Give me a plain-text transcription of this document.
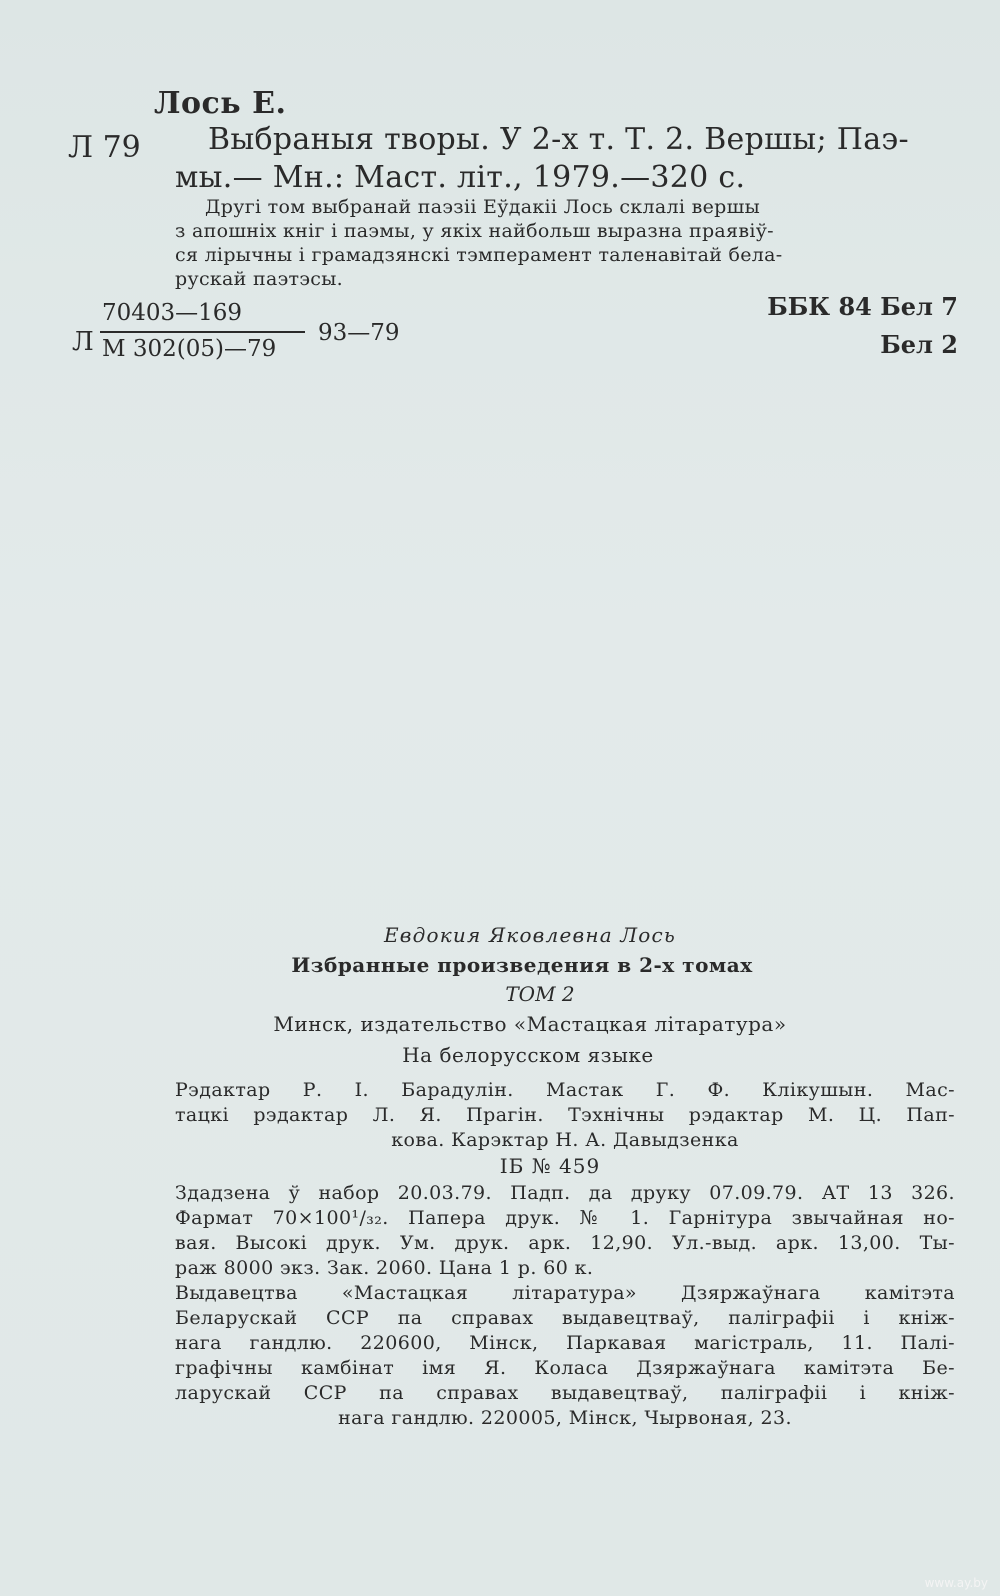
Лось Е.
Л 79 Выбраныя творы. У 2-х т. Т. 2. Вершы; Паэ-
мы.— Мн.: Маст. літ., 1979.—320 с.
Другі том выбранай паэзіі Еўдакіі Лось склалі вершы
з апошніх кніг і паэмы, у якіх найбольш выразна праявіў-
ся лірычны і грамадзянскі тэмперамент таленавітай бела-
рускай паэтэсы.
ББК 84 Бел 7
Бел 2
Л
70403—169
М 302(05)—79
93—79
Евдокия Яковлевна Лось
Избранные произведения в 2-х томах
ТОМ 2
Минск, издательство «Мастацкая літаратура»
На белорусском языке
Рэдактар Р. І. Барадулін. Мастак Г. Ф. Клікушын. Мас-
тацкі рэдактар Л. Я. Прагін. Тэхнічны рэдактар М. Ц. Пап-
кова. Карэктар Н. А. Давыдзенка
ІБ № 459
Здадзена ў набор 20.03.79. Падп. да друку 07.09.79. АТ 13 326.
Фармат 70×100¹/₃₂. Папера друк. № 1. Гарнітура звычайная но-
вая. Высокі друк. Ум. друк. арк. 12,90. Ул.-выд. арк. 13,00. Ты-
раж 8000 экз. Зак. 2060. Цана 1 р. 60 к.
Выдавецтва «Мастацкая літаратура» Дзяржаўнага камітэта
Беларускай ССР па справах выдавецтваў, паліграфіі і кніж-
нага гандлю. 220600, Мінск, Паркавая магістраль, 11. Палі-
графічны камбінат імя Я. Коласа Дзяржаўнага камітэта Бе-
ларускай ССР па справах выдавецтваў, паліграфіі і кніж-
нага гандлю. 220005, Мінск, Чырвоная, 23.
www.ay.by
